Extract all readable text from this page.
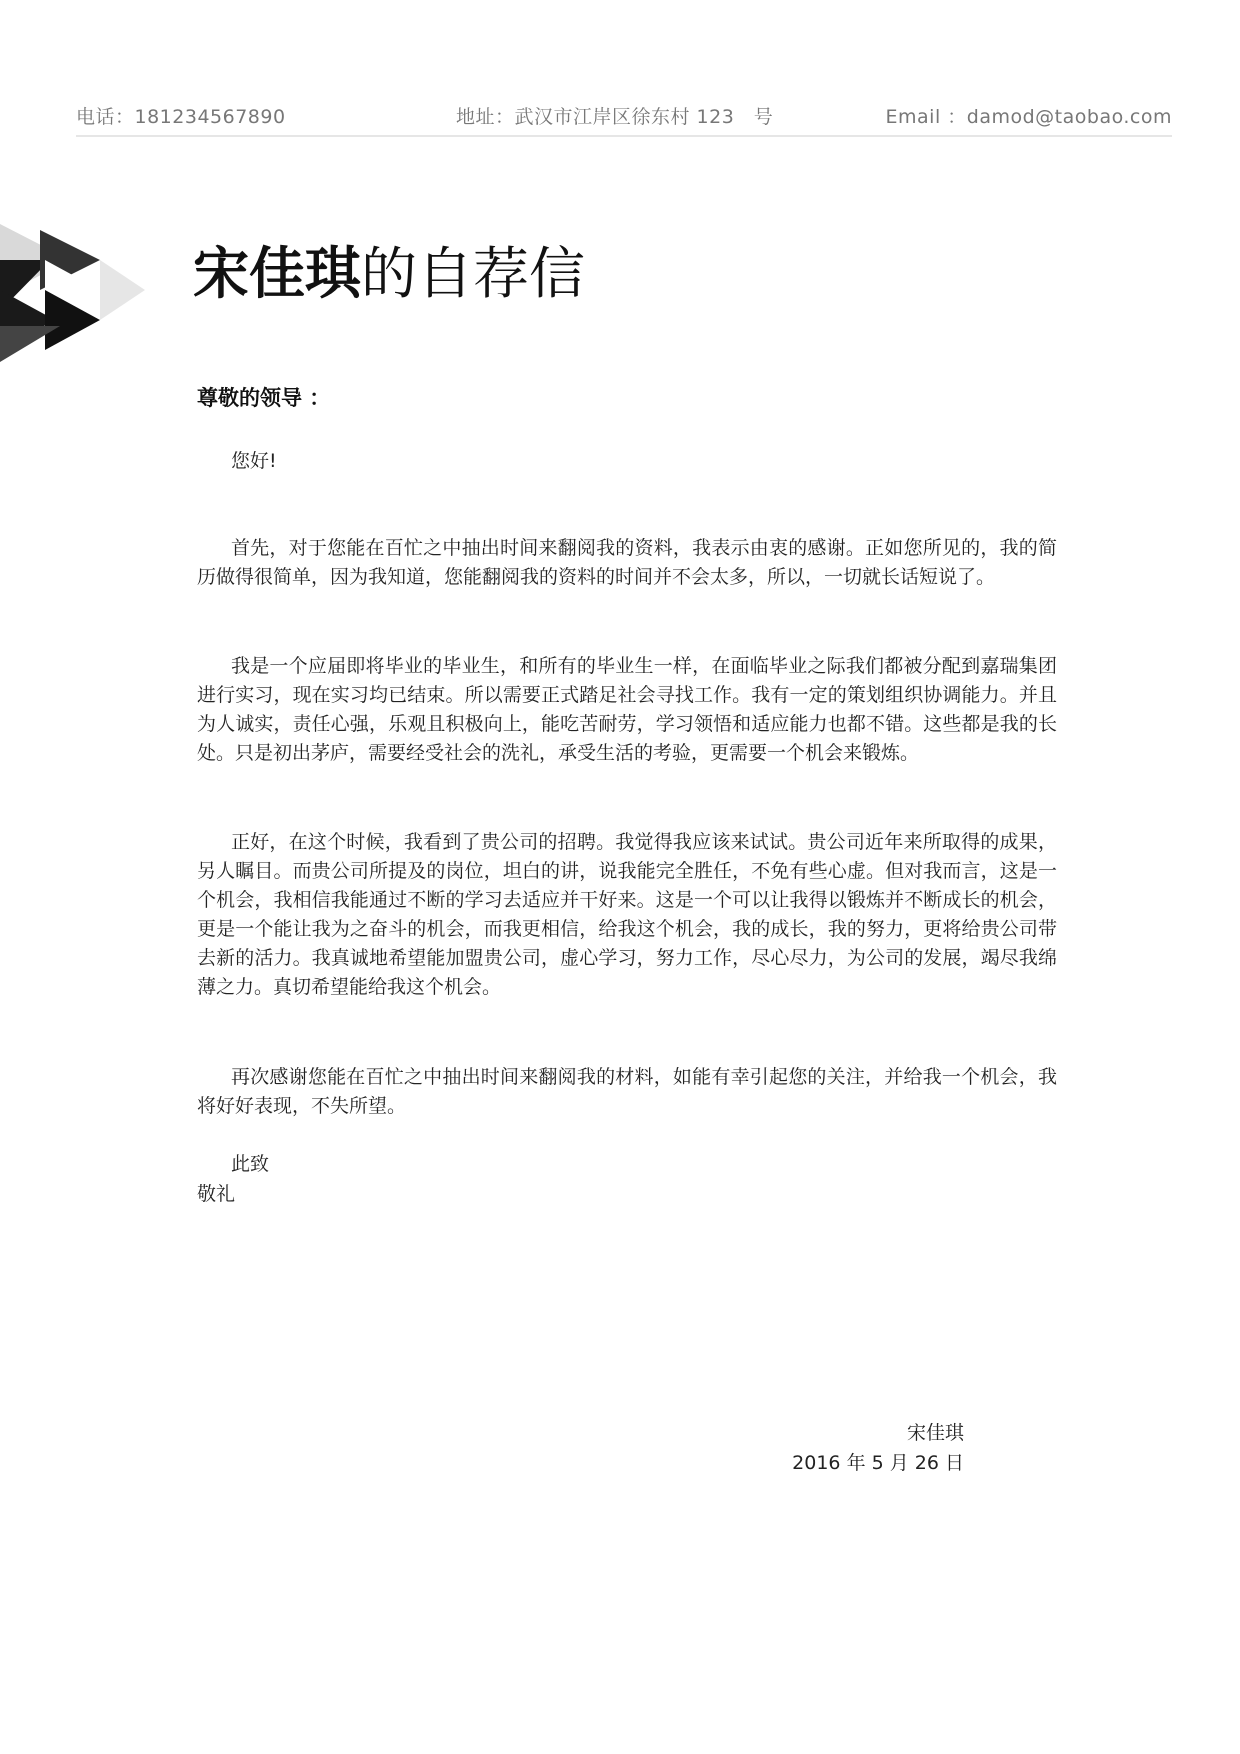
电话：181234567890	地址：武汉市江岸区徐东村 123　号	Email ：damod@taobao.com
宋佳琪的自荐信
尊敬的领导 ：

您好!

首先，对于您能在百忙之中抽出时间来翻阅我的资料，我表示由衷的感谢。正如您所见的，我的简历做得很简单，因为我知道，您能翻阅我的资料的时间并不会太多，所以，一切就长话短说了。

我是一个应届即将毕业的毕业生，和所有的毕业生一样，在面临毕业之际我们都被分配到嘉瑞集团进行实习，现在实习均已结束。所以需要正式踏足社会寻找工作。我有一定的策划组织协调能力。并且为人诚实，责任心强，乐观且积极向上，能吃苦耐劳，学习领悟和适应能力也都不错。这些都是我的长处。只是初出茅庐，需要经受社会的洗礼，承受生活的考验，更需要一个机会来锻炼。

正好，在这个时候，我看到了贵公司的招聘。我觉得我应该来试试。贵公司近年来所取得的成果，另人瞩目。而贵公司所提及的岗位，坦白的讲，说我能完全胜任，不免有些心虚。但对我而言，这是一个机会，我相信我能通过不断的学习去适应并干好来。这是一个可以让我得以锻炼并不断成长的机会，更是一个能让我为之奋斗的机会，而我更相信，给我这个机会，我的成长，我的努力，更将给贵公司带去新的活力。我真诚地希望能加盟贵公司，虚心学习，努力工作，尽心尽力，为公司的发展，竭尽我绵薄之力。真切希望能给我这个机会。

再次感谢您能在百忙之中抽出时间来翻阅我的材料，如能有幸引起您的关注，并给我一个机会，我将好好表现，不失所望。

此致

敬礼

宋佳琪
2016 年 5 月 26 日
